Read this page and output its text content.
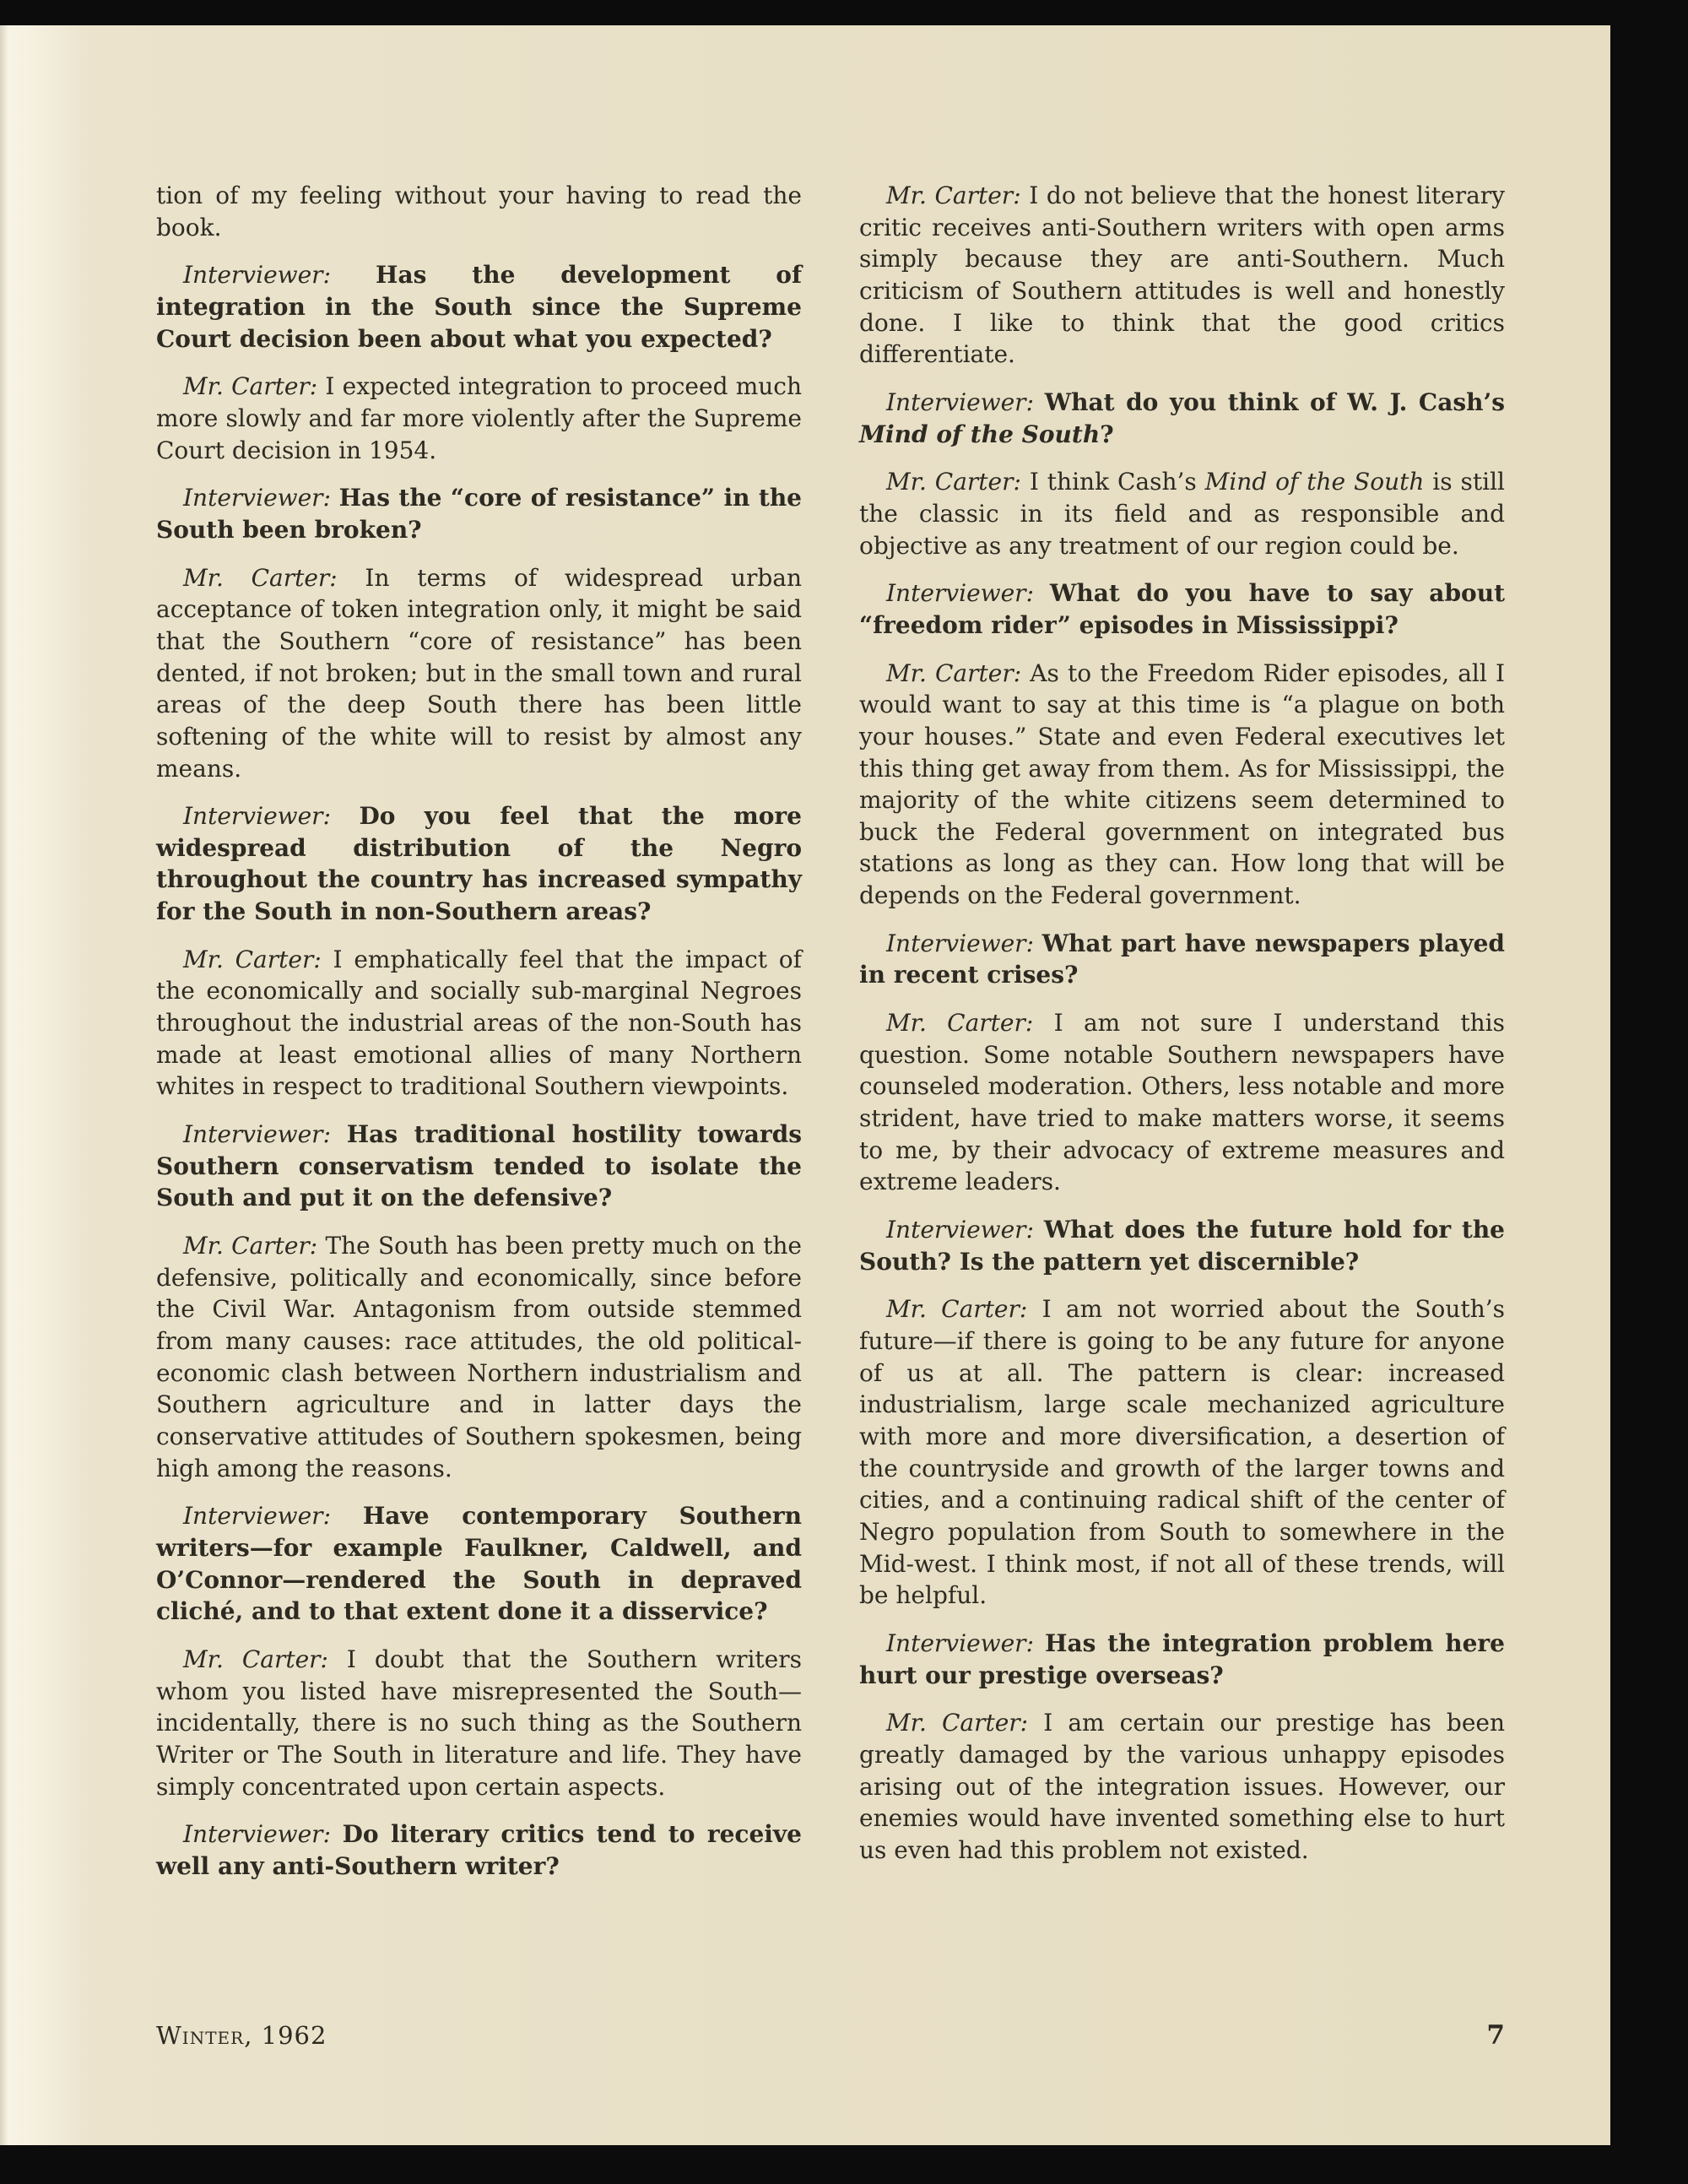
tion of my feeling without your having to read the book.

Interviewer: Has the development of integration in the South since the Supreme Court decision been about what you expected?

Mr. Carter: I expected integration to proceed much more slowly and far more violently after the Supreme Court decision in 1954.

Interviewer: Has the “core of resistance” in the South been broken?

Mr. Carter: In terms of widespread urban acceptance of token integration only, it might be said that the Southern “core of resistance” has been dented, if not broken; but in the small town and rural areas of the deep South there has been little softening of the white will to resist by almost any means.

Interviewer: Do you feel that the more widespread distribution of the Negro throughout the country has increased sympathy for the South in non-Southern areas?

Mr. Carter: I emphatically feel that the impact of the economically and socially sub-marginal Negroes throughout the industrial areas of the non-South has made at least emotional allies of many Northern whites in respect to traditional Southern viewpoints.

Interviewer: Has traditional hostility towards Southern conservatism tended to isolate the South and put it on the defensive?

Mr. Carter: The South has been pretty much on the defensive, politically and economically, since before the Civil War. Antagonism from outside stemmed from many causes: race attitudes, the old political-economic clash between Northern industrialism and Southern agriculture and in latter days the conservative attitudes of Southern spokesmen, being high among the reasons.

Interviewer: Have contemporary Southern writers—for example Faulkner, Caldwell, and O’Connor—rendered the South in depraved cliché, and to that extent done it a disservice?

Mr. Carter: I doubt that the Southern writers whom you listed have misrepresented the South—incidentally, there is no such thing as the Southern Writer or The South in literature and life. They have simply concentrated upon certain aspects.

Interviewer: Do literary critics tend to receive well any anti-Southern writer?

Mr. Carter: I do not believe that the honest literary critic receives anti-Southern writers with open arms simply because they are anti-Southern. Much criticism of Southern attitudes is well and honestly done. I like to think that the good critics differentiate.

Interviewer: What do you think of W. J. Cash’s Mind of the South?

Mr. Carter: I think Cash’s Mind of the South is still the classic in its field and as responsible and objective as any treatment of our region could be.

Interviewer: What do you have to say about “freedom rider” episodes in Mississippi?

Mr. Carter: As to the Freedom Rider episodes, all I would want to say at this time is “a plague on both your houses.” State and even Federal executives let this thing get away from them. As for Mississippi, the majority of the white citizens seem determined to buck the Federal government on integrated bus stations as long as they can. How long that will be depends on the Federal government.

Interviewer: What part have newspapers played in recent crises?

Mr. Carter: I am not sure I understand this question. Some notable Southern newspapers have counseled moderation. Others, less notable and more strident, have tried to make matters worse, it seems to me, by their advocacy of extreme measures and extreme leaders.

Interviewer: What does the future hold for the South? Is the pattern yet discernible?

Mr. Carter: I am not worried about the South’s future—if there is going to be any future for anyone of us at all. The pattern is clear: increased industrialism, large scale mechanized agriculture with more and more diversification, a desertion of the countryside and growth of the larger towns and cities, and a continuing radical shift of the center of Negro population from South to somewhere in the Mid-west. I think most, if not all of these trends, will be helpful.

Interviewer: Has the integration problem here hurt our prestige overseas?

Mr. Carter: I am certain our prestige has been greatly damaged by the various unhappy episodes arising out of the integration issues. However, our enemies would have invented something else to hurt us even had this problem not existed.

Winter, 1962	7
